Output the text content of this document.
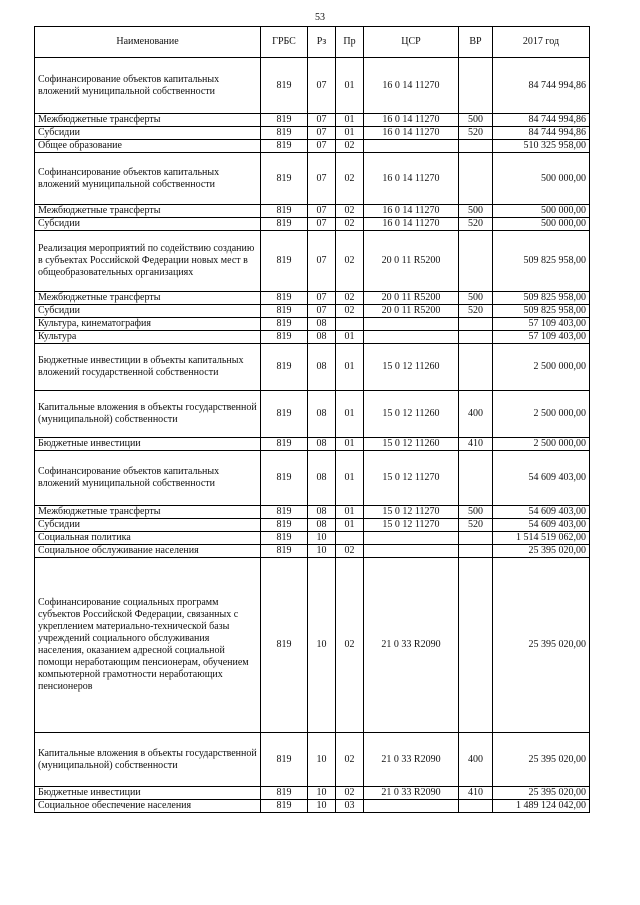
53
Наименование	ГРБС	Рз	Пр	ЦСР	ВР	2017 год
Софинансирование объектов капитальных вложений муниципальной собственности	819	07	01	16 0 14 11270		84 744 994,86
Межбюджетные трансферты	819	07	01	16 0 14 11270	500	84 744 994,86
Субсидии	819	07	01	16 0 14 11270	520	84 744 994,86
Общее образование	819	07	02			510 325 958,00
Софинансирование объектов капитальных вложений муниципальной собственности	819	07	02	16 0 14 11270		500 000,00
Межбюджетные трансферты	819	07	02	16 0 14 11270	500	500 000,00
Субсидии	819	07	02	16 0 14 11270	520	500 000,00
Реализация мероприятий по содействию созданию в субъектах Российской Федерации новых мест в общеобразовательных организациях	819	07	02	20 0 11 R5200		509 825 958,00
Межбюджетные трансферты	819	07	02	20 0 11 R5200	500	509 825 958,00
Субсидии	819	07	02	20 0 11 R5200	520	509 825 958,00
Культура, кинематография	819	08				57 109 403,00
Культура	819	08	01			57 109 403,00
Бюджетные инвестиции в объекты капитальных вложений государственной собственности	819	08	01	15 0 12 11260		2 500 000,00
Капитальные вложения в объекты государственной (муниципальной) собственности	819	08	01	15 0 12 11260	400	2 500 000,00
Бюджетные инвестиции	819	08	01	15 0 12 11260	410	2 500 000,00
Софинансирование объектов капитальных вложений муниципальной собственности	819	08	01	15 0 12 11270		54 609 403,00
Межбюджетные трансферты	819	08	01	15 0 12 11270	500	54 609 403,00
Субсидии	819	08	01	15 0 12 11270	520	54 609 403,00
Социальная политика	819	10				1 514 519 062,00
Социальное обслуживание населения	819	10	02			25 395 020,00
Софинансирование социальных программ субъектов Российской Федерации, связанных с укреплением материально-технической базы учреждений социального обслуживания населения, оказанием адресной социальной помощи неработающим пенсионерам, обучением компьютерной грамотности неработающих пенсионеров	819	10	02	21 0 33 R2090		25 395 020,00
Капитальные вложения в объекты государственной (муниципальной) собственности	819	10	02	21 0 33 R2090	400	25 395 020,00
Бюджетные инвестиции	819	10	02	21 0 33 R2090	410	25 395 020,00
Социальное обеспечение населения	819	10	03			1 489 124 042,00
